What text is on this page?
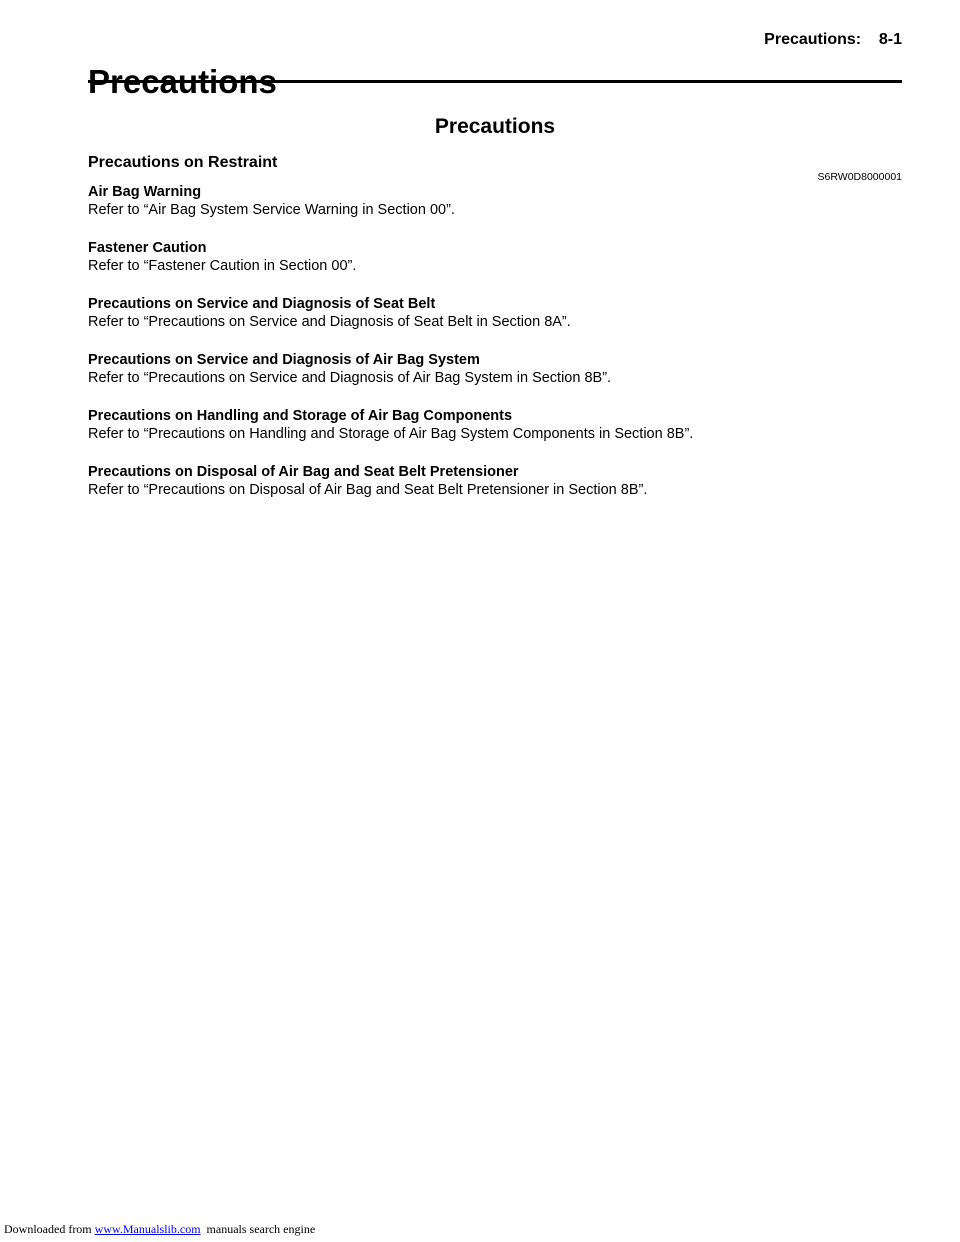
Precautions:    8-1
Precautions
Precautions
Precautions on Restraint
S6RW0D8000001

Air Bag Warning

Refer to “Air Bag System Service Warning in Section 00”.

Fastener Caution

Refer to “Fastener Caution in Section 00”.

Precautions on Service and Diagnosis of Seat Belt

Refer to “Precautions on Service and Diagnosis of Seat Belt in Section 8A”.

Precautions on Service and Diagnosis of Air Bag System

Refer to “Precautions on Service and Diagnosis of Air Bag System in Section 8B”.

Precautions on Handling and Storage of Air Bag Components

Refer to “Precautions on Handling and Storage of Air Bag System Components in Section 8B”.

Precautions on Disposal of Air Bag and Seat Belt Pretensioner

Refer to “Precautions on Disposal of Air Bag and Seat Belt Pretensioner in Section 8B”.

Downloaded from www.Manualslib.com  manuals search engine
